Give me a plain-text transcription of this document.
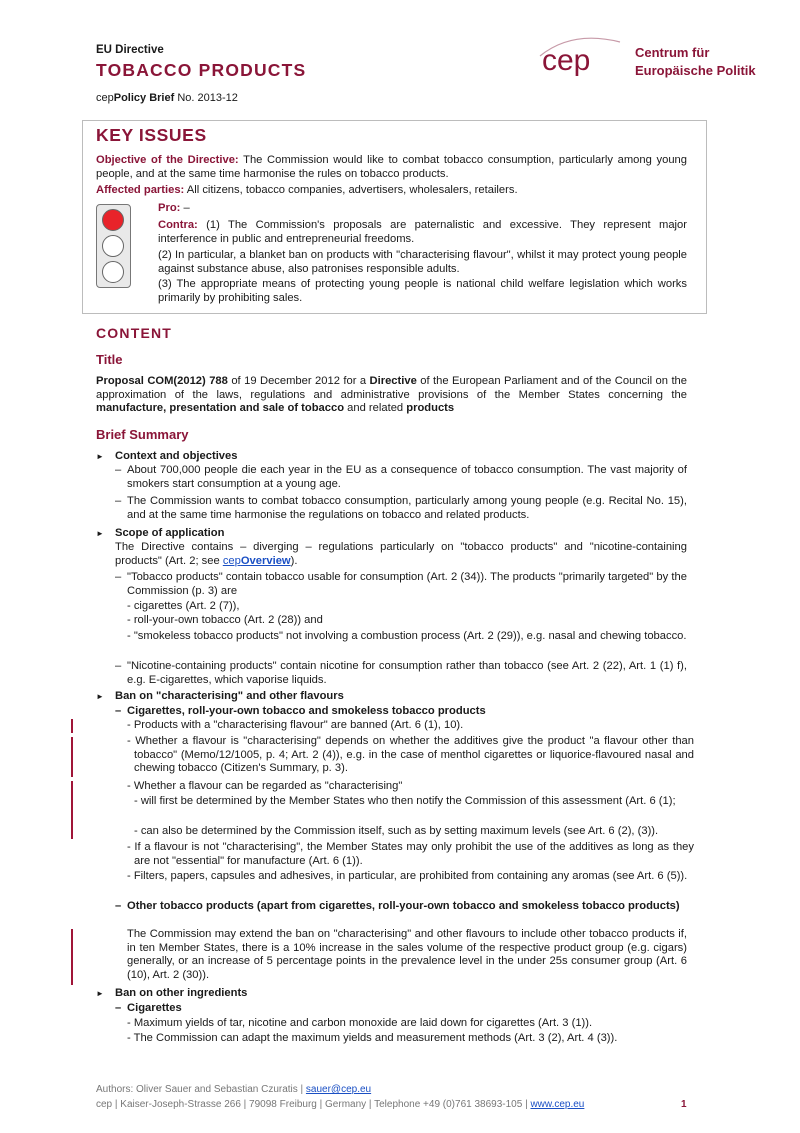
EU Directive
TOBACCO PRODUCTS
cepPolicy Brief No. 2013-12
cep	Centrum für
Europäische Politik
KEY ISSUES
Objective of the Directive: The Commission would like to combat tobacco consumption, particularly among young people, and at the same time harmonise the rules on tobacco products.
Affected parties: All citizens, tobacco companies, advertisers, wholesalers, retailers.
Pro: –
Contra: (1) The Commission's proposals are paternalistic and excessive. They represent major interference in public and entrepreneurial freedoms.
(2) In particular, a blanket ban on products with "characterising flavour", whilst it may protect young people against substance abuse, also patronises responsible adults.
(3) The appropriate means of protecting young people is national child welfare legislation which works primarily by prohibiting sales.
CONTENT
Title
Proposal COM(2012) 788 of 19 December 2012 for a Directive of the European Parliament and of the Council on the approximation of the laws, regulations and administrative provisions of the Member States concerning the manufacture, presentation and sale of tobacco and related products
Brief Summary
► Context and objectives
– About 700,000 people die each year in the EU as a consequence of tobacco consumption. The vast majority of smokers start consumption at a young age.
– The Commission wants to combat tobacco consumption, particularly among young people (e.g. Recital No. 15), and at the same time harmonise the regulations on tobacco and related products.
► Scope of application
The Directive contains – diverging – regulations particularly on "tobacco products" and "nicotine-containing products" (Art. 2; see cepOverview).
– "Tobacco products" contain tobacco usable for consumption (Art. 2 (34)). The products "primarily targeted" by the Commission (p. 3) are
- cigarettes (Art. 2 (7)),
- roll-your-own tobacco (Art. 2 (28)) and
- "smokeless tobacco products" not involving a combustion process (Art. 2 (29)), e.g. nasal and chewing tobacco.
– "Nicotine-containing products" contain nicotine for consumption rather than tobacco (see Art. 2 (22), Art. 1 (1) f), e.g. E-cigarettes, which vaporise liquids.
► Ban on "characterising" and other flavours
– Cigarettes, roll-your-own tobacco and smokeless tobacco products
- Products with a "characterising flavour" are banned (Art. 6 (1), 10).
- Whether a flavour is "characterising" depends on whether the additives give the product "a flavour other than tobacco" (Memo/12/1005, p. 4; Art. 2 (4)), e.g. in the case of menthol cigarettes or liquorice-flavoured nasal and chewing tobacco (Citizen's Summary, p. 3).
- Whether a flavour can be regarded as "characterising"
- will first be determined by the Member States who then notify the Commission of this assessment (Art. 6 (1);
- can also be determined by the Commission itself, such as by setting maximum levels (see Art. 6 (2), (3)).
- If a flavour is not "characterising", the Member States may only prohibit the use of the additives as long as they are not "essential" for manufacture (Art. 6 (1)).
- Filters, papers, capsules and adhesives, in particular, are prohibited from containing any aromas (see Art. 6 (5)).
– Other tobacco products (apart from cigarettes, roll-your-own tobacco and smokeless tobacco products)
The Commission may extend the ban on "characterising" and other flavours to include other tobacco products if, in ten Member States, there is a 10% increase in the sales volume of the respective product group (e.g. cigars) generally, or an increase of 5 percentage points in the prevalence level in the under 25s consumer group (Art. 6 (10), Art. 2 (30)).
► Ban on other ingredients
– Cigarettes
- Maximum yields of tar, nicotine and carbon monoxide are laid down for cigarettes (Art. 3 (1)).
- The Commission can adapt the maximum yields and measurement methods (Art. 3 (2), Art. 4 (3)).
Authors: Oliver Sauer and Sebastian Czuratis | sauer@cep.eu
cep | Kaiser-Joseph-Strasse 266 | 79098 Freiburg | Germany | Telephone +49 (0)761 38693-105 | www.cep.eu	1
